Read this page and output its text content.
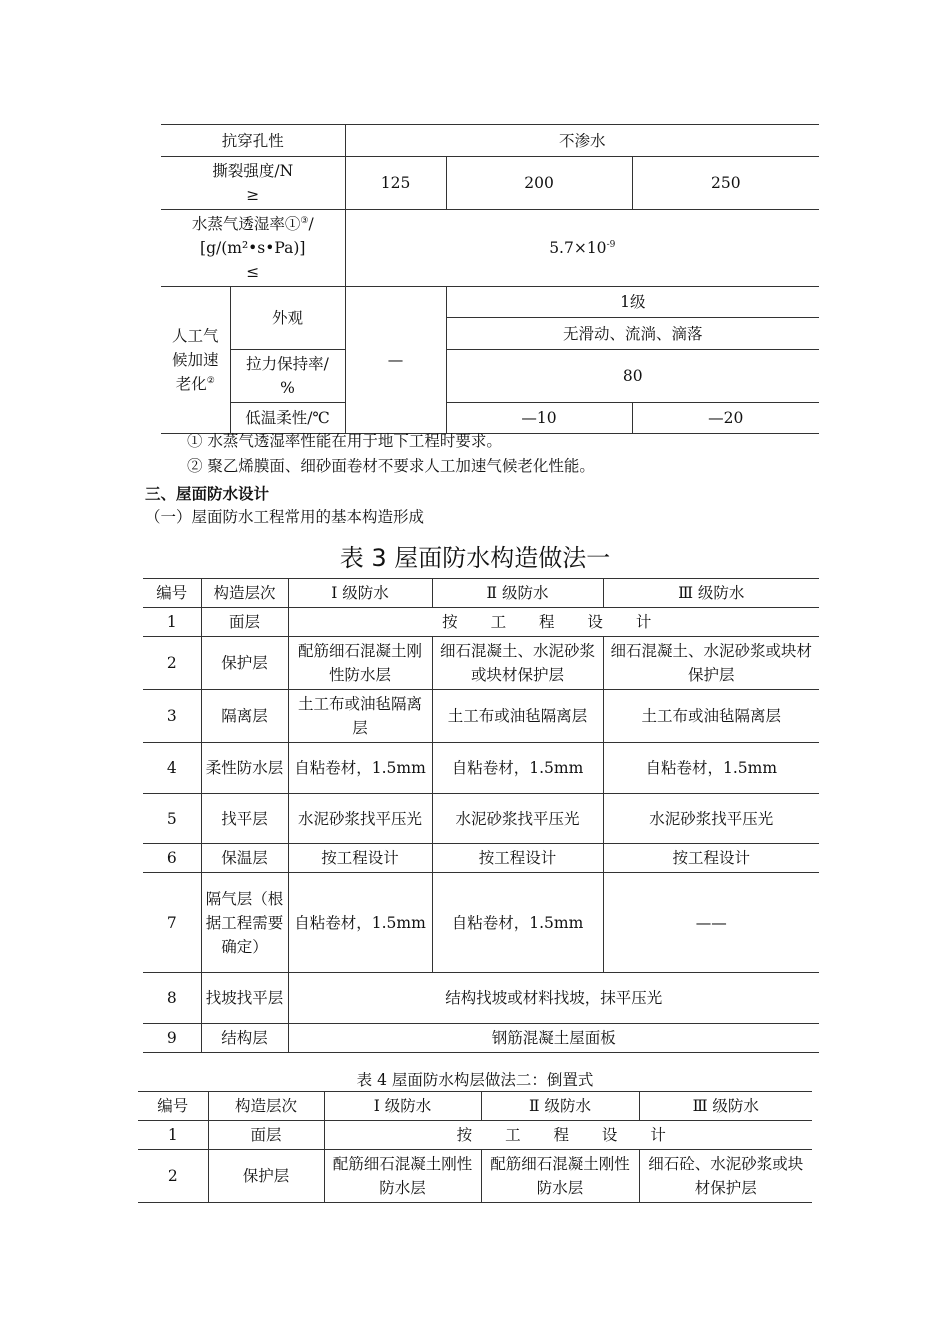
抗穿孔性		不渗水		

撕裂强度/N
≥		125	200	250

水蒸气透湿率①③/
[g/(m²•s•Pa)]
≤		$5.7\times 10^{-9}$

人工气
候加速
老化②	外观	—	1级	
			无滑动、流淌、滴落	

	拉力保持率/
%		80	
	低温柔性/℃		—10	—20
① 水蒸气透湿率性能在用于地下工程时要求。
② 聚乙烯膜面、细砂面卷材不要求人工加速气候老化性能。
三、屋面防水设计
（一）屋面防水工程常用的基本构造形成
表 3 屋面防水构造做法一
编号	构造层次	Ⅰ 级防水	Ⅱ 级防水	Ⅲ 级防水
1	面层	按 工 程 设 计		
2	保护层	配筋细石混凝土刚性防水层	细石混凝土、水泥砂浆或块材保护层	细石混凝土、水泥砂浆或块材保护层
3	隔离层	土工布或油毡隔离层	土工布或油毡隔离层	土工布或油毡隔离层
4	柔性防水层	自粘卷材，1.5mm	自粘卷材，1.5mm	自粘卷材，1.5mm
5	找平层	水泥砂浆找平压光	水泥砂浆找平压光	水泥砂浆找平压光
6	保温层	按工程设计	按工程设计	按工程设计
7	隔气层（根据工程需要确定）	自粘卷材，1.5mm	自粘卷材，1.5mm	——
8	找坡找平层	结构找坡或材料找坡，抹平压光		
9	结构层	钢筋混凝土屋面板		
表 4 屋面防水构层做法二：倒置式
编号	构造层次	Ⅰ 级防水	Ⅱ 级防水	Ⅲ 级防水
1	面层	按 工 程 设 计		
2	保护层	配筋细石混凝土刚性防水层	配筋细石混凝土刚性防水层	细石砼、水泥砂浆或块材保护层
